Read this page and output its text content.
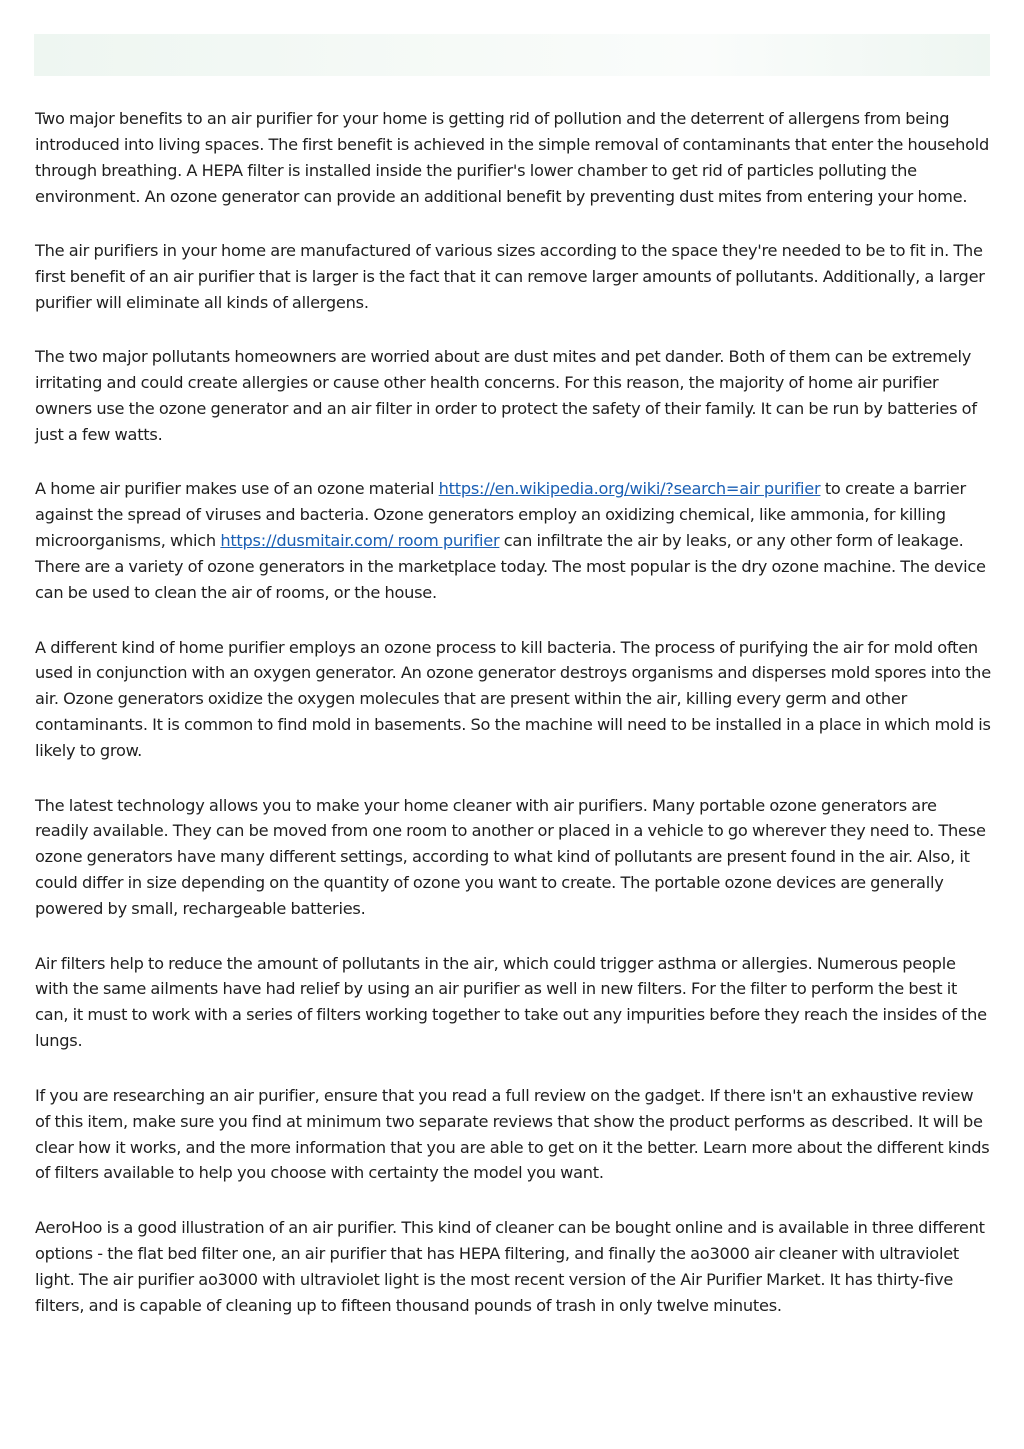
Two major benefits to an air purifier for your home is getting rid of pollution and the deterrent of allergens from being introduced into living spaces. The first benefit is achieved in the simple removal of contaminants that enter the household through breathing. A HEPA filter is installed inside the purifier's lower chamber to get rid of particles polluting the environment. An ozone generator can provide an additional benefit by preventing dust mites from entering your home.

The air purifiers in your home are manufactured of various sizes according to the space they're needed to be to fit in. The first benefit of an air purifier that is larger is the fact that it can remove larger amounts of pollutants. Additionally, a larger purifier will eliminate all kinds of allergens.

The two major pollutants homeowners are worried about are dust mites and pet dander. Both of them can be extremely irritating and could create allergies or cause other health concerns. For this reason, the majority of home air purifier owners use the ozone generator and an air filter in order to protect the safety of their family. It can be run by batteries of just a few watts.

A home air purifier makes use of an ozone material https://en.wikipedia.org/wiki/?search=air purifier to create a barrier against the spread of viruses and bacteria. Ozone generators employ an oxidizing chemical, like ammonia, for killing microorganisms, which https://dusmitair.com/ room purifier can infiltrate the air by leaks, or any other form of leakage. There are a variety of ozone generators in the marketplace today. The most popular is the dry ozone machine. The device can be used to clean the air of rooms, or the house.

A different kind of home purifier employs an ozone process to kill bacteria. The process of purifying the air for mold often used in conjunction with an oxygen generator. An ozone generator destroys organisms and disperses mold spores into the air. Ozone generators oxidize the oxygen molecules that are present within the air, killing every germ and other contaminants. It is common to find mold in basements. So the machine will need to be installed in a place in which mold is likely to grow.

The latest technology allows you to make your home cleaner with air purifiers. Many portable ozone generators are readily available. They can be moved from one room to another or placed in a vehicle to go wherever they need to. These ozone generators have many different settings, according to what kind of pollutants are present found in the air. Also, it could differ in size depending on the quantity of ozone you want to create. The portable ozone devices are generally powered by small, rechargeable batteries.

Air filters help to reduce the amount of pollutants in the air, which could trigger asthma or allergies. Numerous people with the same ailments have had relief by using an air purifier as well in new filters. For the filter to perform the best it can, it must to work with a series of filters working together to take out any impurities before they reach the insides of the lungs.

If you are researching an air purifier, ensure that you read a full review on the gadget. If there isn't an exhaustive review of this item, make sure you find at minimum two separate reviews that show the product performs as described. It will be clear how it works, and the more information that you are able to get on it the better. Learn more about the different kinds of filters available to help you choose with certainty the model you want.

AeroHoo is a good illustration of an air purifier. This kind of cleaner can be bought online and is available in three different options - the flat bed filter one, an air purifier that has HEPA filtering, and finally the ao3000 air cleaner with ultraviolet light. The air purifier ao3000 with ultraviolet light is the most recent version of the Air Purifier Market. It has thirty-five filters, and is capable of cleaning up to fifteen thousand pounds of trash in only twelve minutes.
